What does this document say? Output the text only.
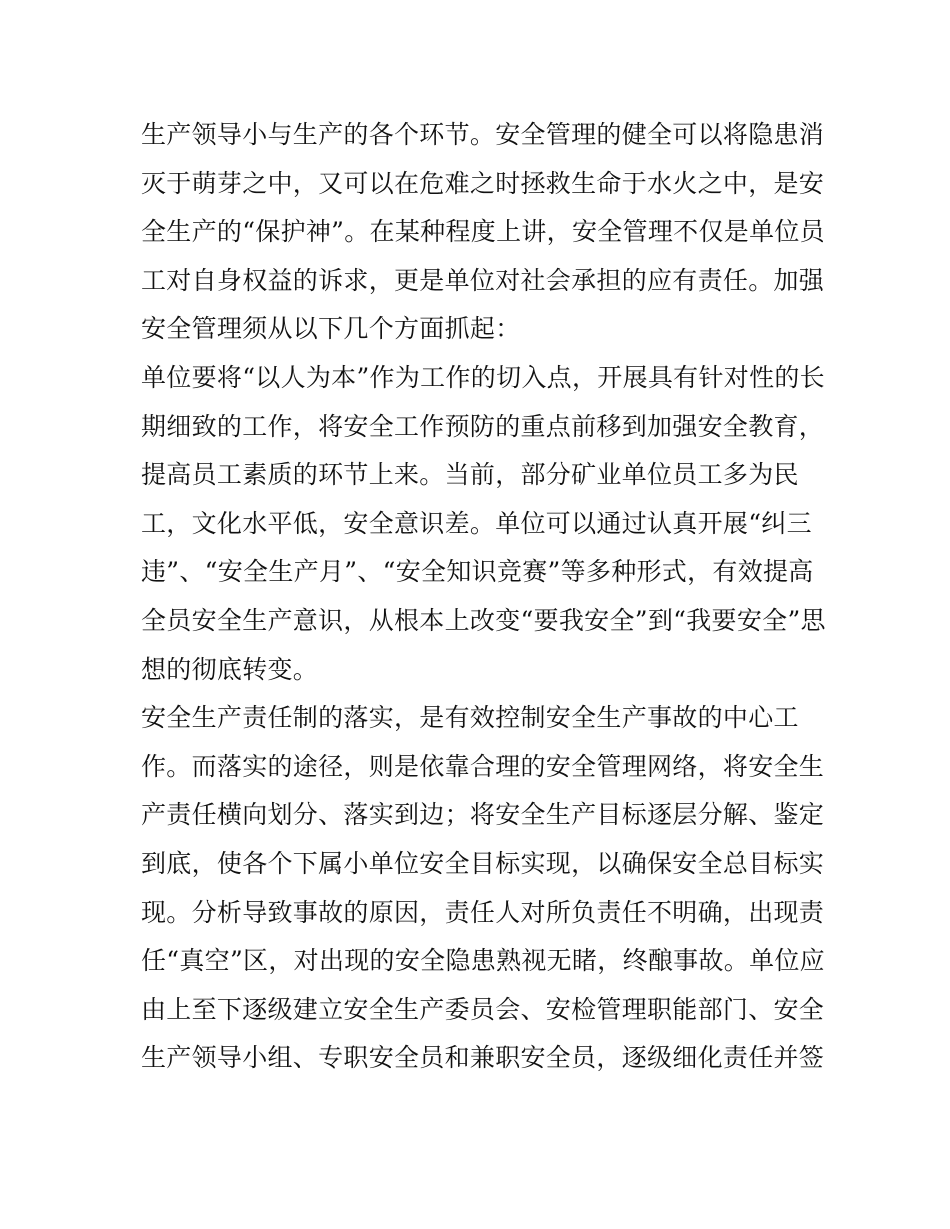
生产领导小与生产的各个环节。安全管理的健全可以将隐患消
灭于萌芽之中，又可以在危难之时拯救生命于水火之中，是安
全生产的“保护神”。在某种程度上讲，安全管理不仅是单位员
工对自身权益的诉求，更是单位对社会承担的应有责任。加强
安全管理须从以下几个方面抓起：
单位要将“以人为本”作为工作的切入点，开展具有针对性的长
期细致的工作，将安全工作预防的重点前移到加强安全教育，
提高员工素质的环节上来。当前，部分矿业单位员工多为民
工，文化水平低，安全意识差。单位可以通过认真开展“纠三
违”、“安全生产月”、“安全知识竞赛”等多种形式，有效提高
全员安全生产意识，从根本上改变“要我安全”到“我要安全”思
想的彻底转变。
安全生产责任制的落实，是有效控制安全生产事故的中心工
作。而落实的途径，则是依靠合理的安全管理网络，将安全生
产责任横向划分、落实到边；将安全生产目标逐层分解、鉴定
到底，使各个下属小单位安全目标实现，以确保安全总目标实
现。分析导致事故的原因，责任人对所负责任不明确，出现责
任“真空”区，对出现的安全隐患熟视无睹，终酿事故。单位应
由上至下逐级建立安全生产委员会、安检管理职能部门、安全
生产领导小组、专职安全员和兼职安全员，逐级细化责任并签
